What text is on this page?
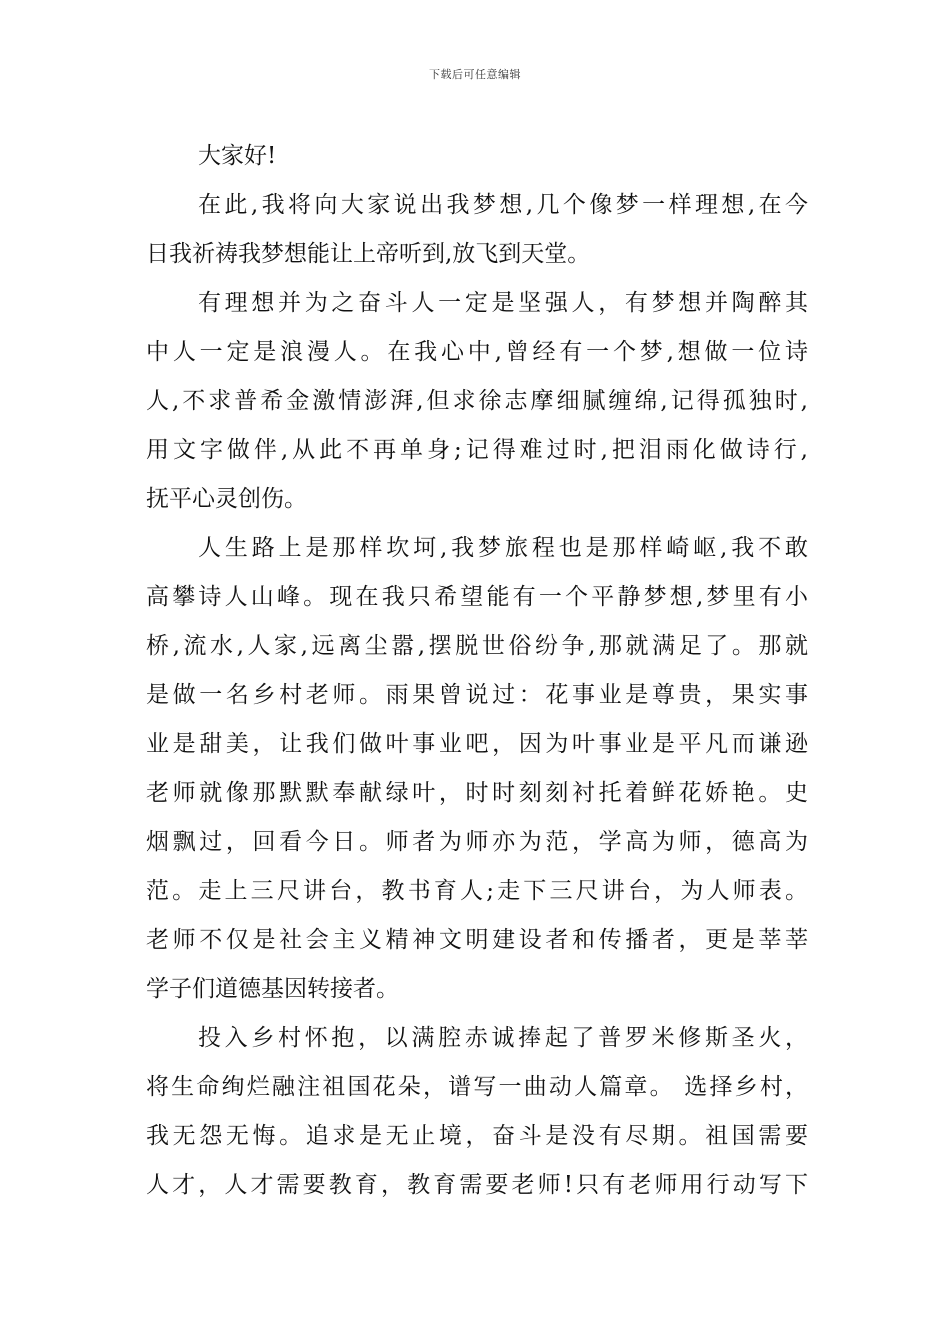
下载后可任意编辑
大家好!
在此,我将向大家说出我梦想,几个像梦一样理想,在今
日我祈祷我梦想能让上帝听到,放飞到天堂。
有理想并为之奋斗人一定是坚强人，有梦想并陶醉其
中人一定是浪漫人。在我心中,曾经有一个梦,想做一位诗
人,不求普希金激情澎湃,但求徐志摩细腻缠绵,记得孤独时,
用文字做伴,从此不再单身;记得难过时,把泪雨化做诗行,
抚平心灵创伤。
人生路上是那样坎坷,我梦旅程也是那样崎岖,我不敢
高攀诗人山峰。现在我只希望能有一个平静梦想,梦里有小
桥,流水,人家,远离尘嚣,摆脱世俗纷争,那就满足了。那就
是做一名乡村老师。雨果曾说过：花事业是尊贵，果实事
业是甜美，让我们做叶事业吧，因为叶事业是平凡而谦逊
老师就像那默默奉献绿叶，时时刻刻衬托着鲜花娇艳。史
烟飘过，回看今日。师者为师亦为范，学高为师，德高为
范。走上三尺讲台，教书育人;走下三尺讲台，为人师表。
老师不仅是社会主义精神文明建设者和传播者，更是莘莘
学子们道德基因转接者。
投入乡村怀抱，以满腔赤诚捧起了普罗米修斯圣火，
将生命绚烂融注祖国花朵，谱写一曲动人篇章。 选择乡村，
我无怨无悔。追求是无止境，奋斗是没有尽期。祖国需要
人才，人才需要教育，教育需要老师!只有老师用行动写下
